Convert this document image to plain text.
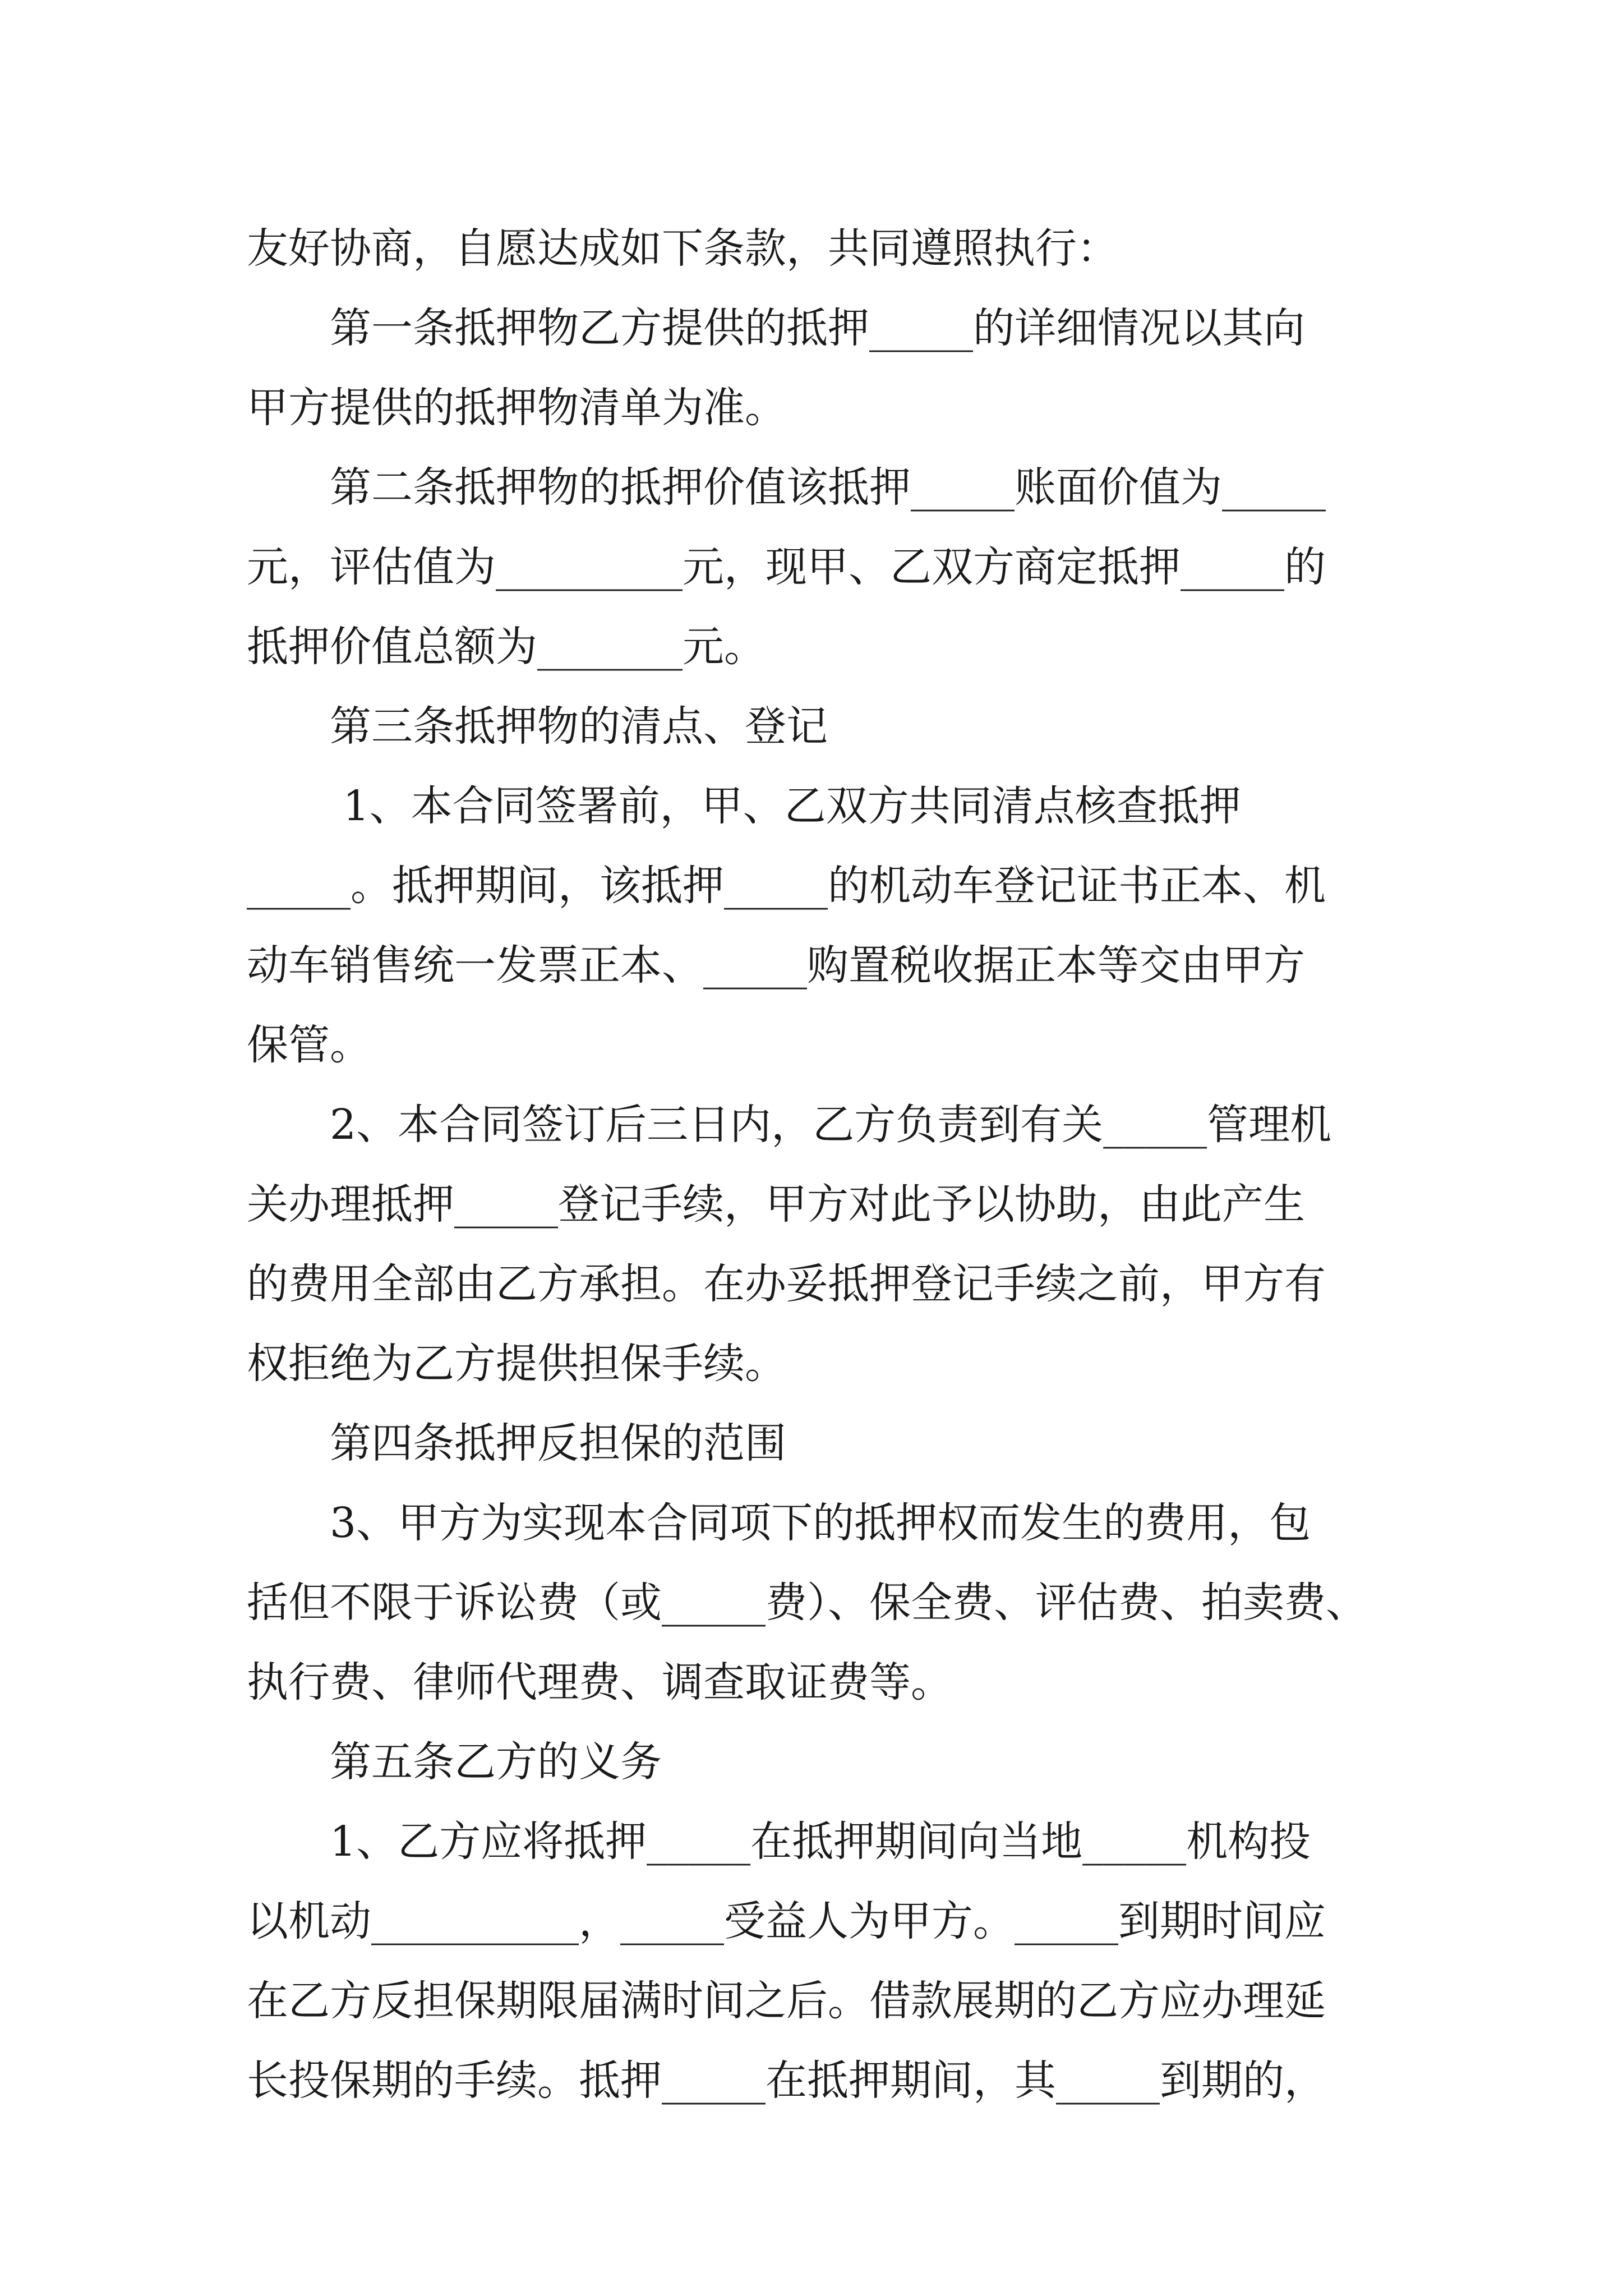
友好协商，自愿达成如下条款，共同遵照执行：
第一条抵押物乙方提供的抵押_____的详细情况以其向
甲方提供的抵押物清单为准。
第二条抵押物的抵押价值该抵押_____账面价值为_____
元，评估值为_________元，现甲、乙双方商定抵押_____的
抵押价值总额为_______元。
第三条抵押物的清点、登记
1、本合同签署前，甲、乙双方共同清点核查抵押
_____。抵押期间，该抵押_____的机动车登记证书正本、机
动车销售统一发票正本、_____购置税收据正本等交由甲方
保管。
2、本合同签订后三日内，乙方负责到有关_____管理机
关办理抵押_____登记手续，甲方对此予以协助，由此产生
的费用全部由乙方承担。在办妥抵押登记手续之前，甲方有
权拒绝为乙方提供担保手续。
第四条抵押反担保的范围
3、甲方为实现本合同项下的抵押权而发生的费用，包
括但不限于诉讼费（或_____费）、保全费、评估费、拍卖费、
执行费、律师代理费、调查取证费等。
第五条乙方的义务
1、乙方应将抵押_____在抵押期间向当地_____机构投
以机动__________，_____受益人为甲方。_____到期时间应
在乙方反担保期限届满时间之后。借款展期的乙方应办理延
长投保期的手续。抵押_____在抵押期间，其_____到期的，
